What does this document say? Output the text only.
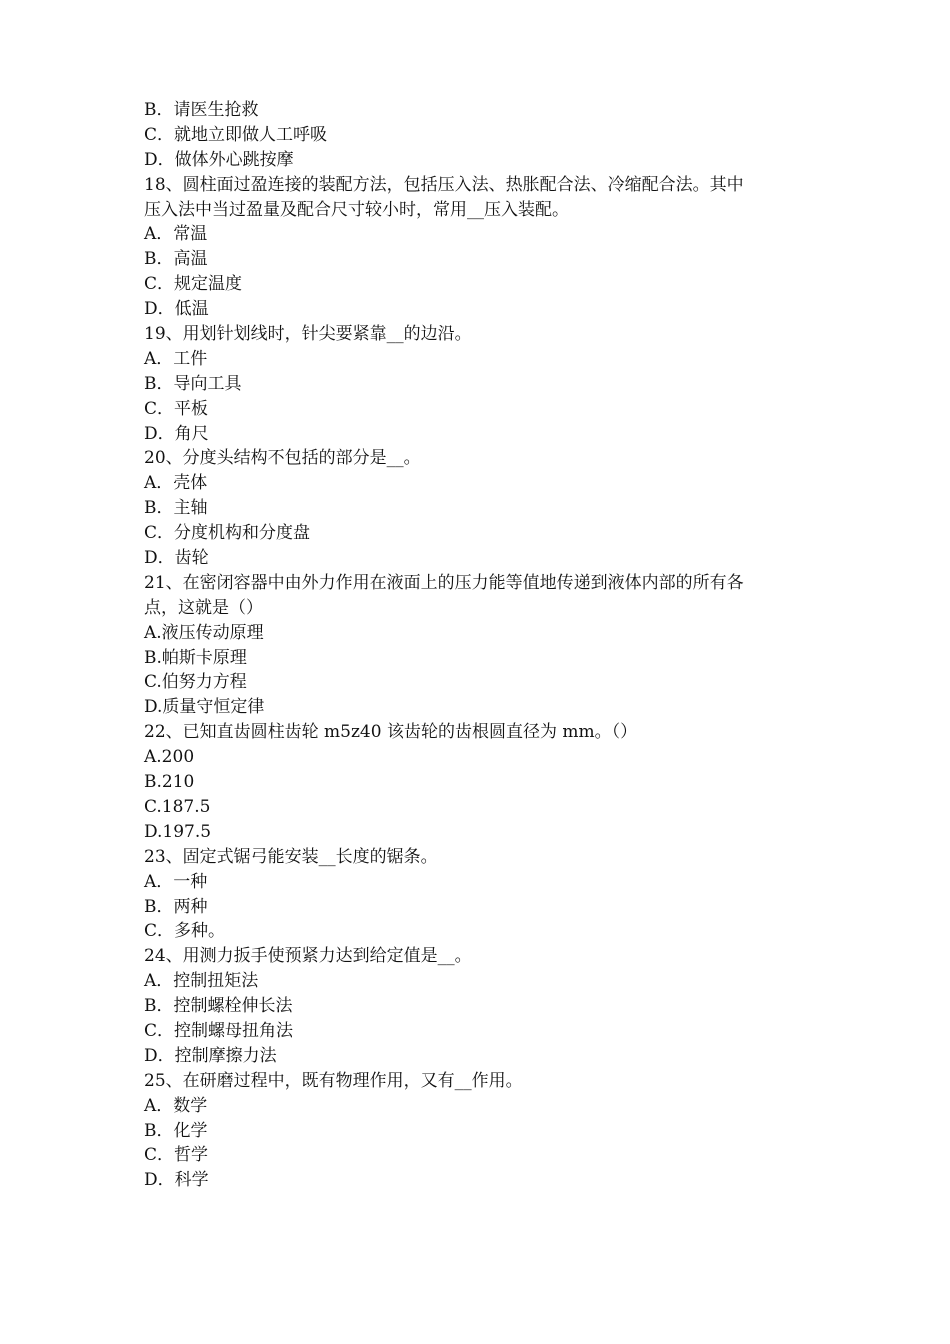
B．请医生抢救
C．就地立即做人工呼吸
D．做体外心跳按摩
18、圆柱面过盈连接的装配方法，包括压入法、热胀配合法、冷缩配合法。其中
压入法中当过盈量及配合尺寸较小时，常用__压入装配。
A．常温
B．高温
C．规定温度
D．低温
19、用划针划线时，针尖要紧靠__的边沿。
A．工件
B．导向工具
C．平板
D．角尺
20、分度头结构不包括的部分是__。
A．壳体
B．主轴
C．分度机构和分度盘
D．齿轮
21、在密闭容器中由外力作用在液面上的压力能等值地传递到液体内部的所有各
点，这就是（）
A.液压传动原理
B.帕斯卡原理
C.伯努力方程
D.质量守恒定律
22、已知直齿圆柱齿轮 m5z40 该齿轮的齿根圆直径为 mm。（）
A.200
B.210
C.187.5
D.197.5
23、固定式锯弓能安装__长度的锯条。
A．一种
B．两种
C．多种。
24、用测力扳手使预紧力达到给定值是__。
A．控制扭矩法
B．控制螺栓伸长法
C．控制螺母扭角法
D．控制摩擦力法
25、在研磨过程中，既有物理作用，又有__作用。
A．数学
B．化学
C．哲学
D．科学
